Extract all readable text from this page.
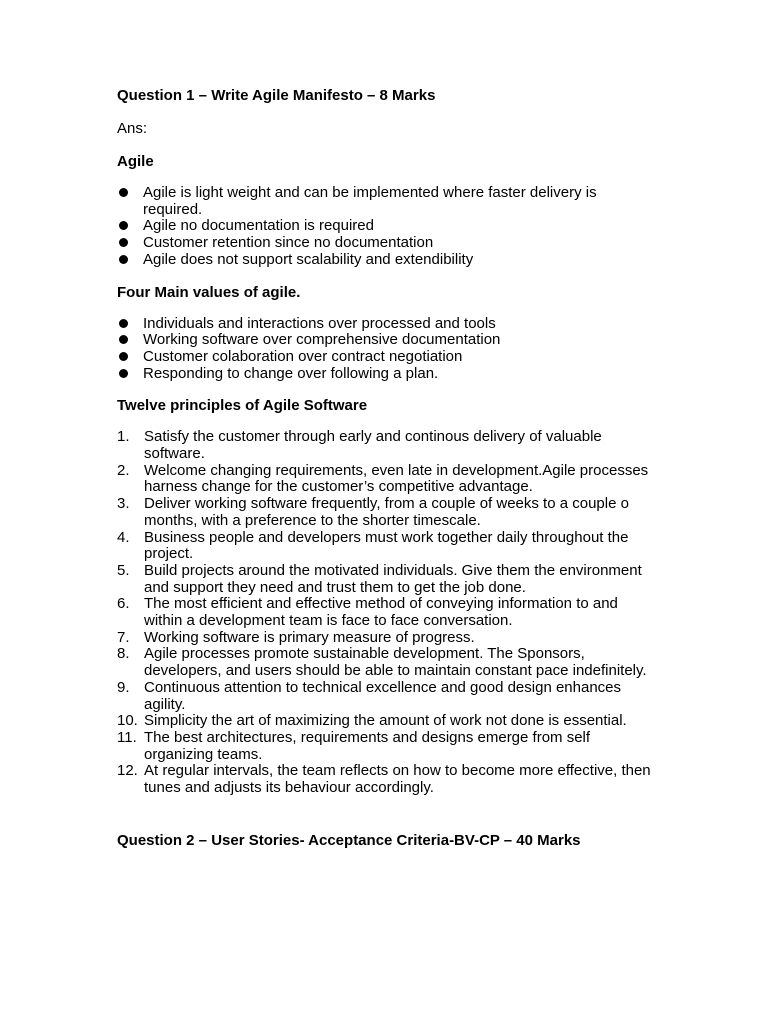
Question 1 – Write Agile Manifesto – 8 Marks

Ans:

Agile

Agile is light weight and can be implemented where faster delivery is required.
Agile no documentation is required
Customer retention since no documentation
Agile does not support scalability and extendibility

Four Main values of agile.

Individuals and interactions over processed and tools
Working software over comprehensive documentation
Customer colaboration over contract negotiation
Responding to change over following a plan.

Twelve principles of Agile Software

1. Satisfy the customer through early and continous delivery of valuable software.
2. Welcome changing requirements, even late in development.Agile processes harness change for the customer’s competitive advantage.
3. Deliver working software frequently, from a couple of weeks to a couple o months, with a preference to the shorter timescale.
4. Business people and developers must work together daily throughout the project.
5. Build projects around the motivated individuals. Give them the environment and support they need and trust them to get the job done.
6. The most efficient and effective method of conveying information to and within a development team is face to face conversation.
7. Working software is primary measure of progress.
8. Agile processes promote sustainable development. The Sponsors, developers, and users should be able to maintain constant pace indefinitely.
9. Continuous attention to technical excellence and good design enhances agility.
10. Simplicity the art of maximizing the amount of work not done is essential.
11. The best architectures, requirements and designs emerge from self organizing teams.
12. At regular intervals, the team reflects on how to become more effective, then tunes and adjusts its behaviour accordingly.

Question 2 – User Stories- Acceptance Criteria-BV-CP – 40 Marks
